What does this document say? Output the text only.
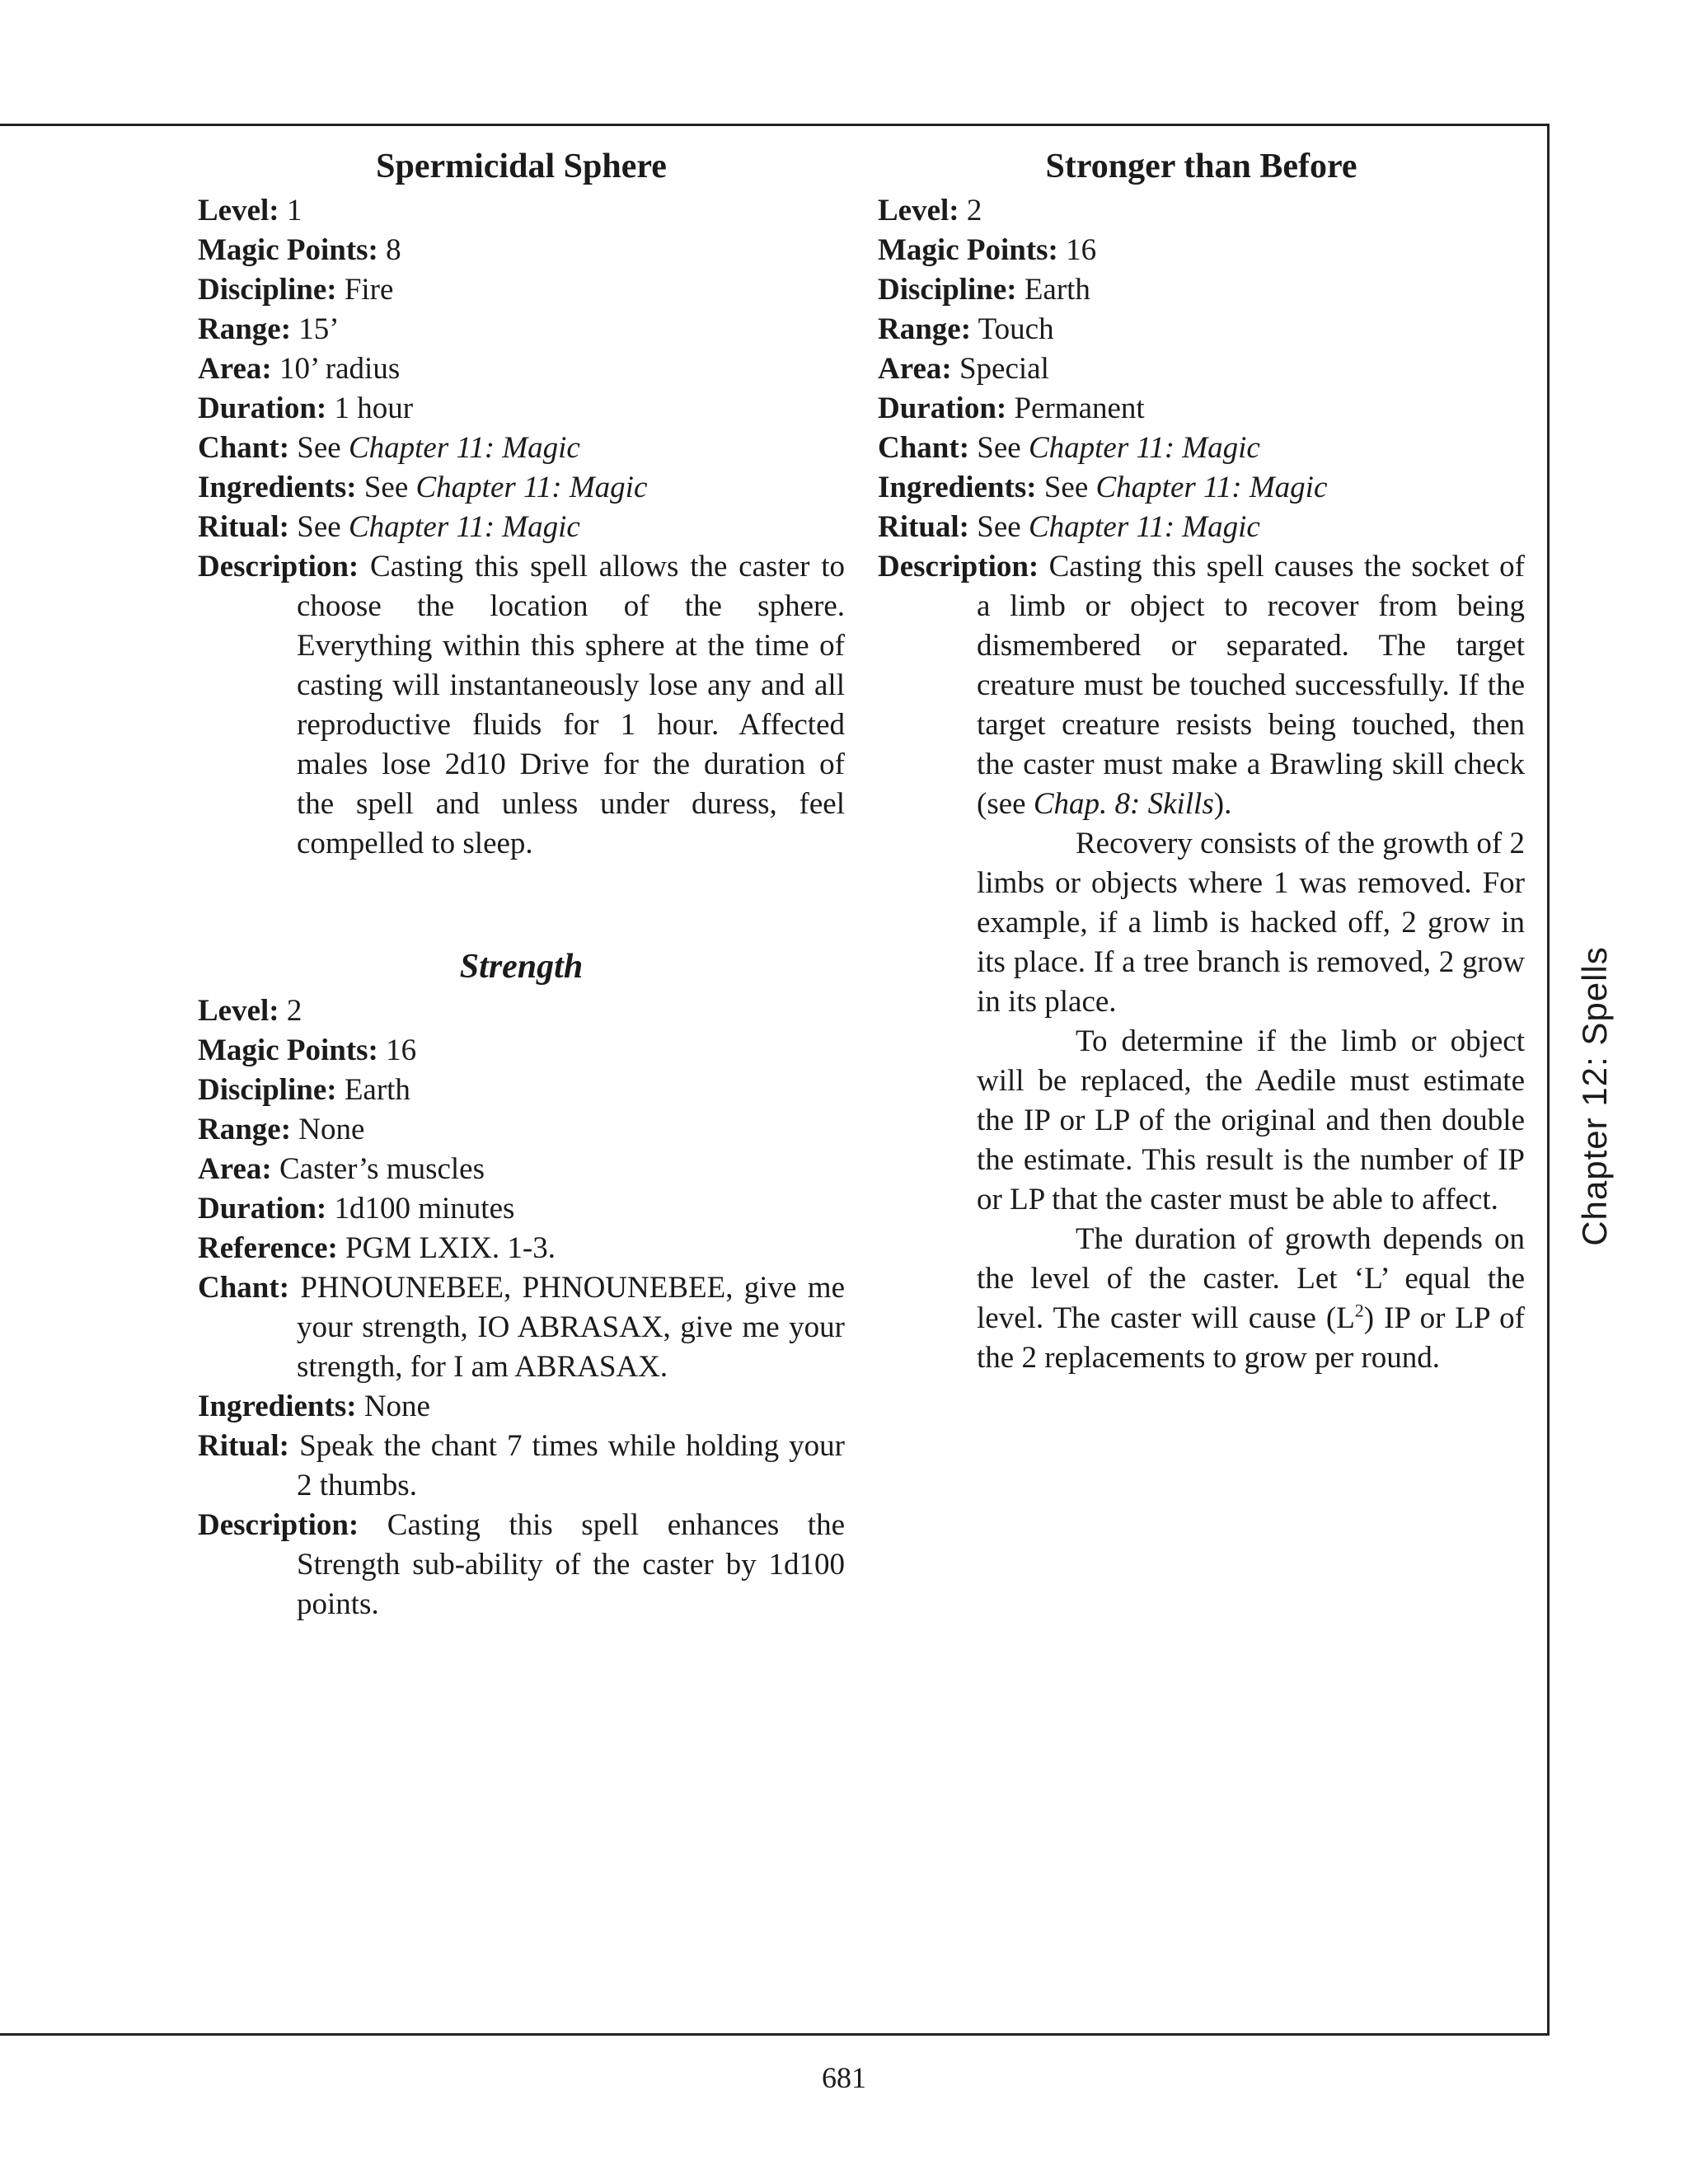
Spermicidal Sphere

Level: 1

Magic Points: 8

Discipline: Fire

Range: 15’

Area: 10’ radius

Duration: 1 hour

Chant: See Chapter 11: Magic

Ingredients: See Chapter 11: Magic

Ritual: See Chapter 11: Magic

Description: Casting this spell allows the caster to choose the location of the sphere. Everything within this sphere at the time of casting will instantaneously lose any and all reproductive fluids for 1 hour. Affected males lose 2d10 Drive for the duration of the spell and unless under duress, feel compelled to sleep.

Strength

Level: 2

Magic Points: 16

Discipline: Earth

Range: None

Area: Caster’s muscles

Duration: 1d100 minutes

Reference: PGM LXIX. 1-3.

Chant: PHNOUNEBEE, PHNOUNEBEE, give me your strength, IO ABRASAX, give me your strength, for I am ABRASAX.

Ingredients: None

Ritual: Speak the chant 7 times while holding your 2 thumbs.

Description: Casting this spell enhances the Strength sub-ability of the caster by 1d100 points.

Stronger than Before

Level: 2

Magic Points: 16

Discipline: Earth

Range: Touch

Area: Special

Duration: Permanent

Chant: See Chapter 11: Magic

Ingredients: See Chapter 11: Magic

Ritual: See Chapter 11: Magic

Description: Casting this spell causes the socket of a limb or object to recover from being dismembered or separated. The target creature must be touched successfully. If the target creature resists being touched, then the caster must make a Brawling skill check (see Chap. 8: Skills).

Recovery consists of the growth of 2 limbs or objects where 1 was removed. For example, if a limb is hacked off, 2 grow in its place. If a tree branch is removed, 2 grow in its place.

To determine if the limb or object will be replaced, the Aedile must estimate the IP or LP of the original and then double the estimate. This result is the number of IP or LP that the caster must be able to affect.

The duration of growth depends on the level of the caster. Let ‘L’ equal the level. The caster will cause $(L^2)$ IP or LP of the 2 replacements to grow per round.

Chapter 12: Spells
681
